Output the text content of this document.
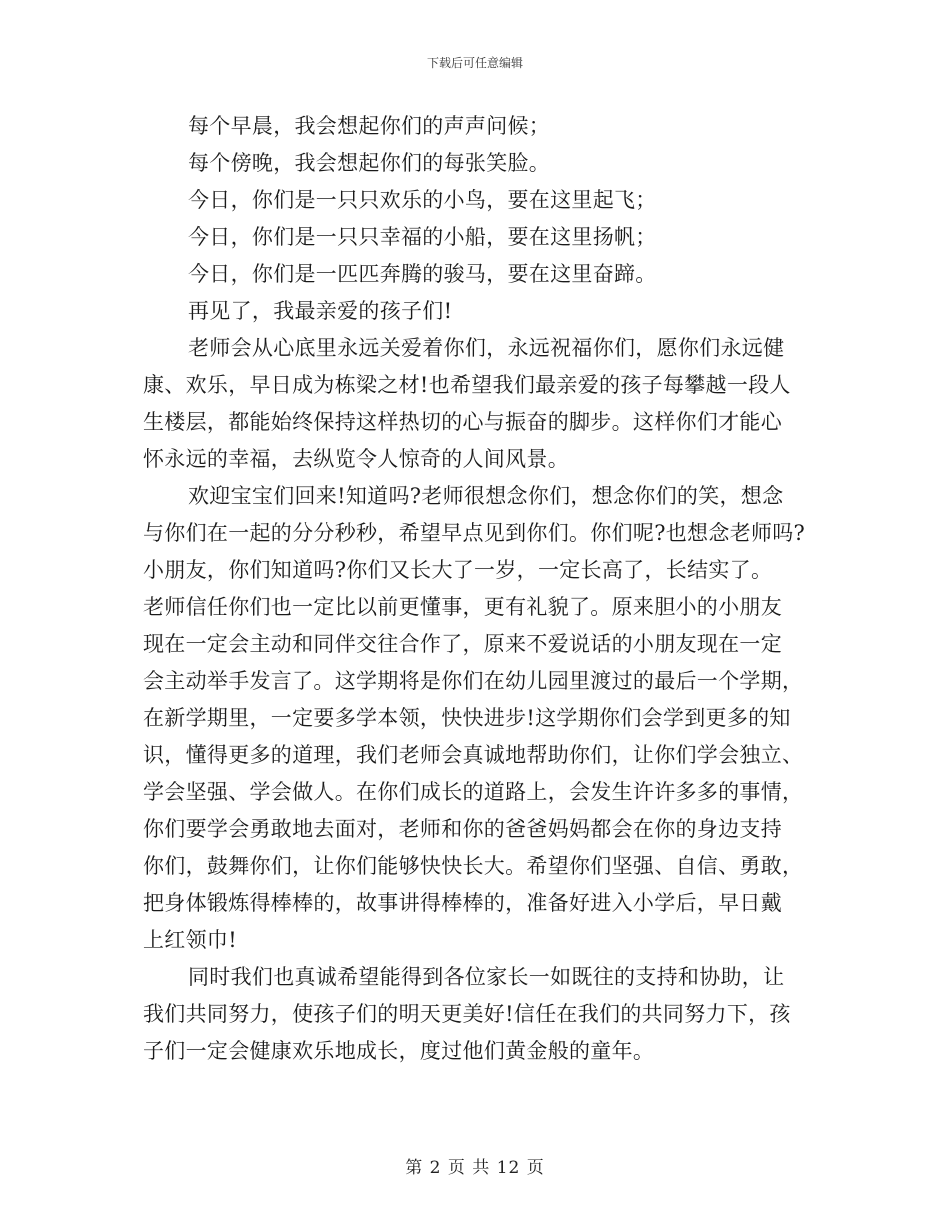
下载后可任意编辑
每个早晨，我会想起你们的声声问候；
每个傍晚，我会想起你们的每张笑脸。
今日，你们是一只只欢乐的小鸟，要在这里起飞；
今日，你们是一只只幸福的小船，要在这里扬帆；
今日，你们是一匹匹奔腾的骏马，要在这里奋蹄。
再见了，我最亲爱的孩子们!
老师会从心底里永远关爱着你们，永远祝福你们，愿你们永远健
康、欢乐，早日成为栋梁之材!也希望我们最亲爱的孩子每攀越一段人
生楼层，都能始终保持这样热切的心与振奋的脚步。这样你们才能心
怀永远的幸福，去纵览令人惊奇的人间风景。
欢迎宝宝们回来!知道吗?老师很想念你们，想念你们的笑，想念
与你们在一起的分分秒秒，希望早点见到你们。你们呢?也想念老师吗?
小朋友，你们知道吗?你们又长大了一岁，一定长高了，长结实了。
老师信任你们也一定比以前更懂事，更有礼貌了。原来胆小的小朋友
现在一定会主动和同伴交往合作了，原来不爱说话的小朋友现在一定
会主动举手发言了。这学期将是你们在幼儿园里渡过的最后一个学期，
在新学期里，一定要多学本领，快快进步!这学期你们会学到更多的知
识，懂得更多的道理，我们老师会真诚地帮助你们，让你们学会独立、
学会坚强、学会做人。在你们成长的道路上，会发生许许多多的事情，
你们要学会勇敢地去面对，老师和你的爸爸妈妈都会在你的身边支持
你们，鼓舞你们，让你们能够快快长大。希望你们坚强、自信、勇敢，
把身体锻炼得棒棒的，故事讲得棒棒的，准备好进入小学后，早日戴
上红领巾!
同时我们也真诚希望能得到各位家长一如既往的支持和协助，让
我们共同努力，使孩子们的明天更美好!信任在我们的共同努力下，孩
子们一定会健康欢乐地成长，度过他们黄金般的童年。
第 2 页 共 12 页
